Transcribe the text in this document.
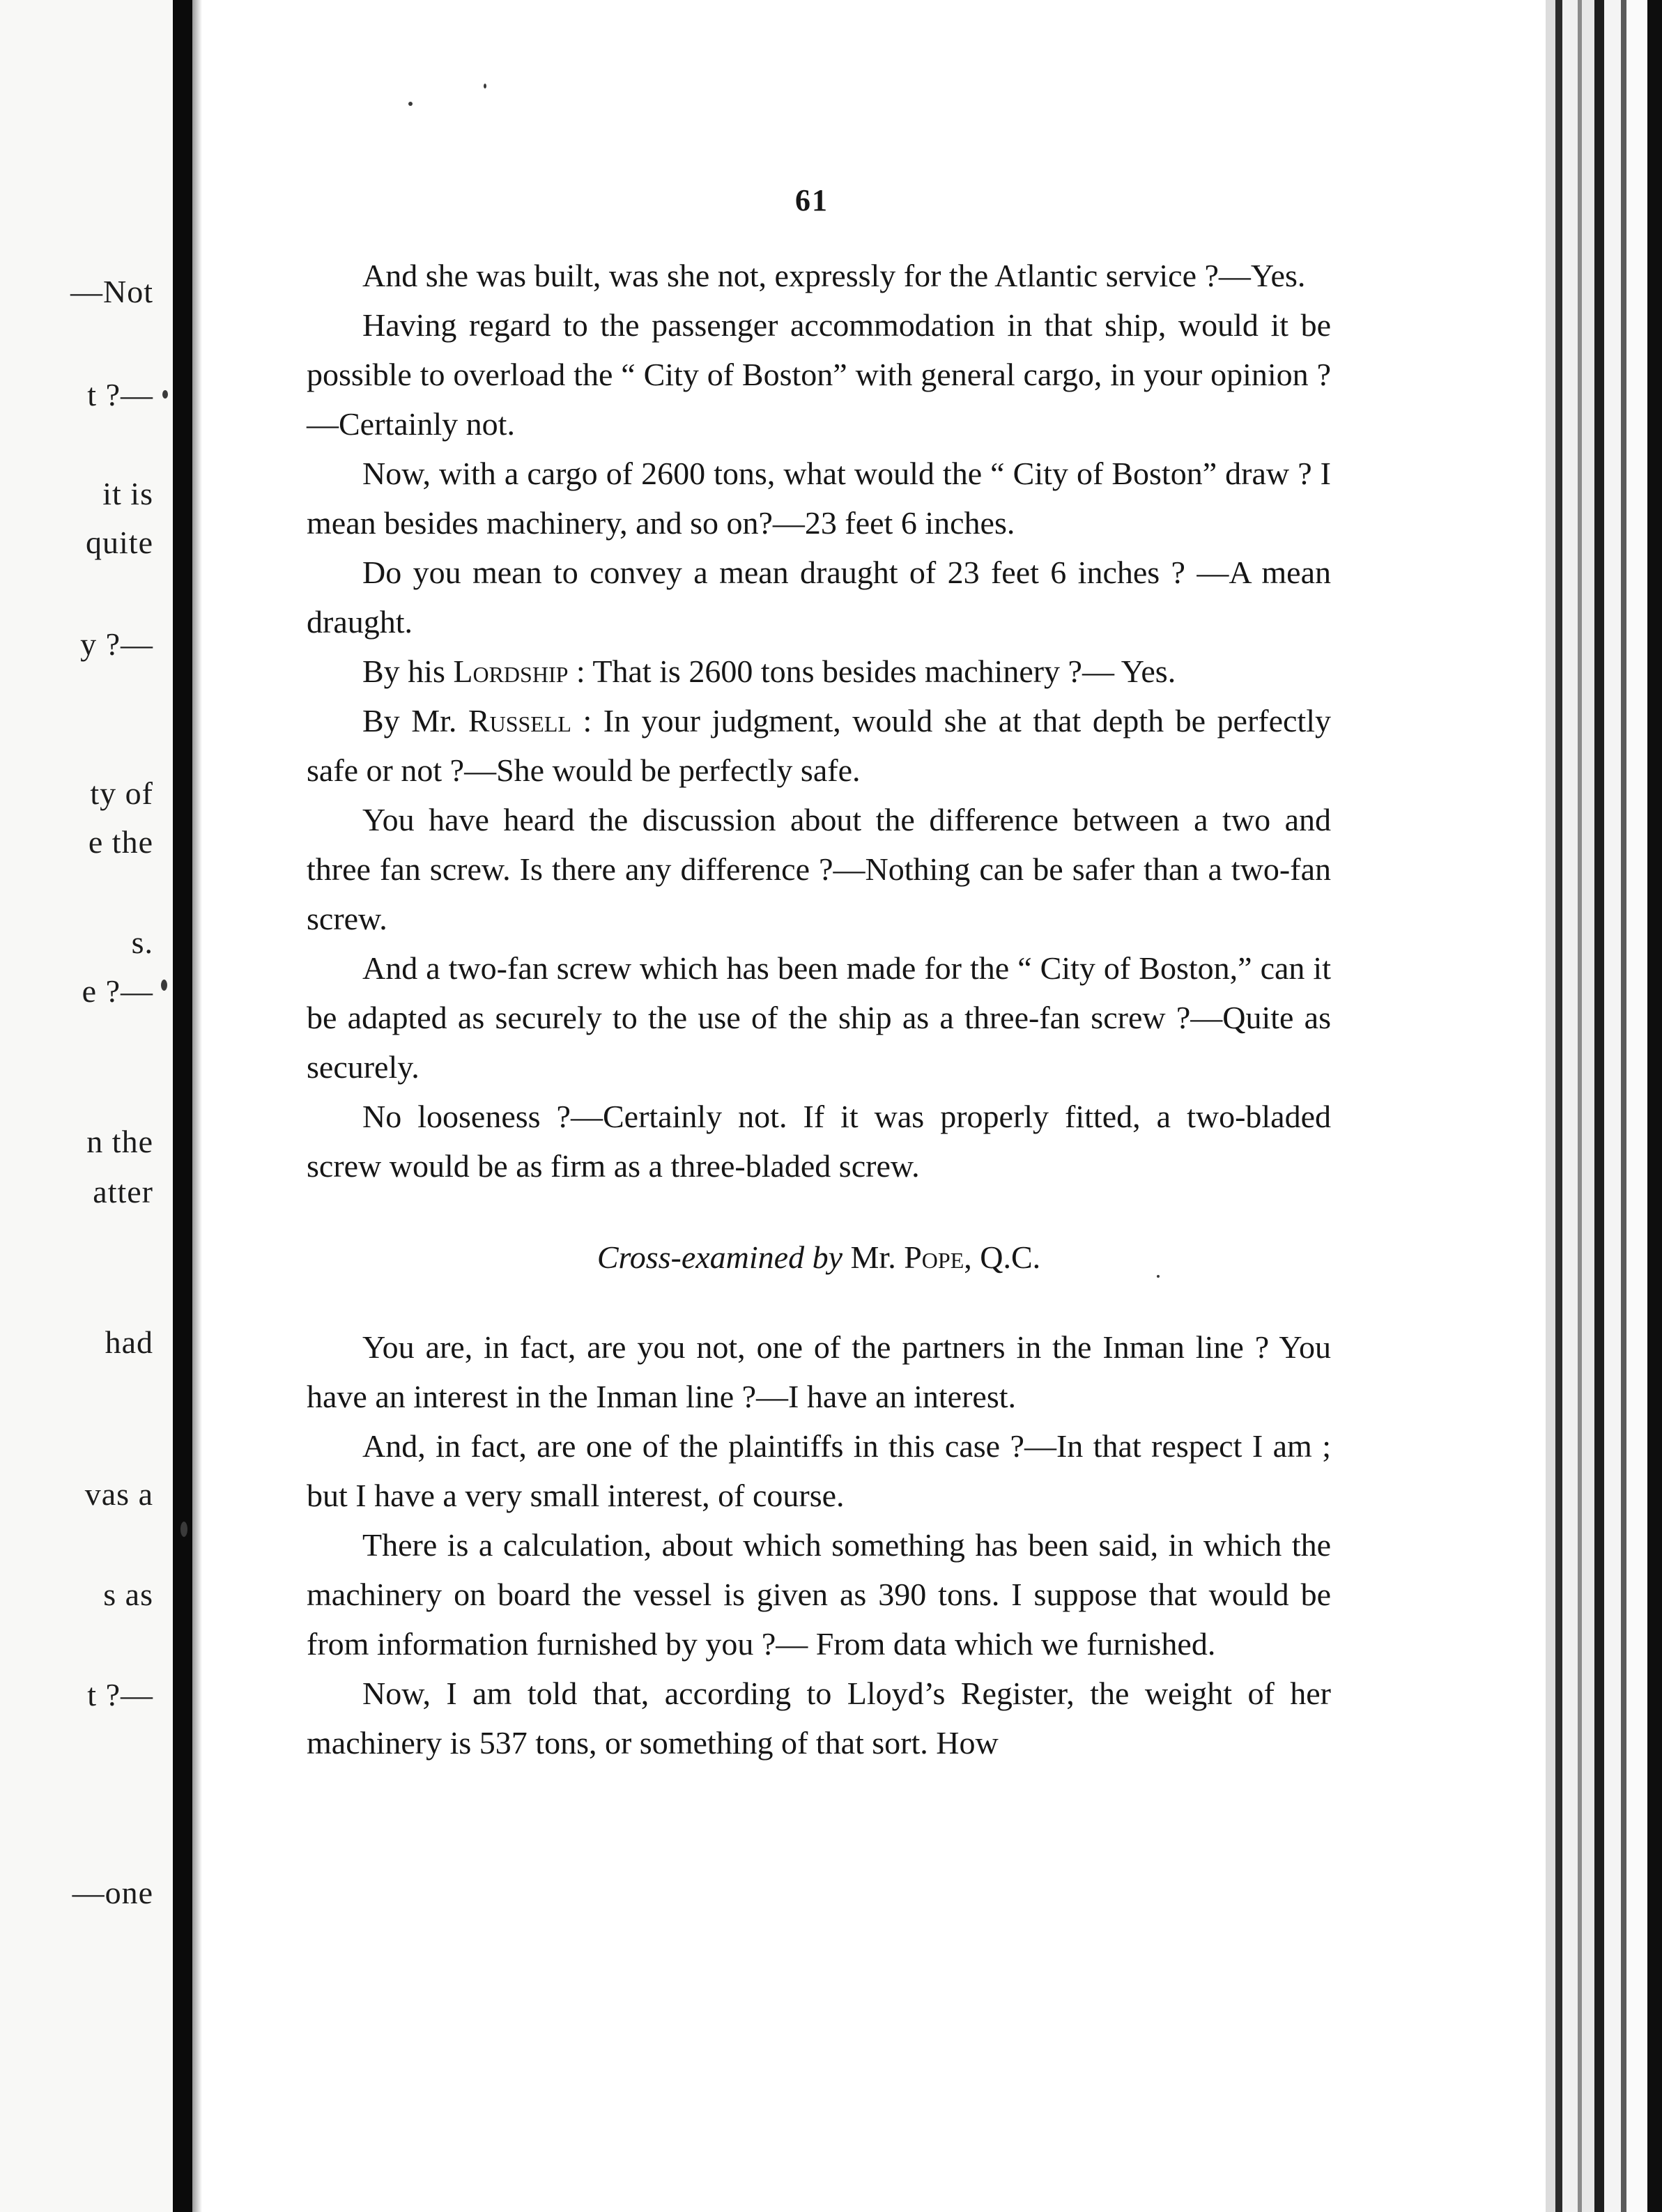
—Not
t ?—
it is
quite
y ?—
ty of
e the
s.
e ?—
n the
atter
had
vas a
s as
t ?—
—one
61

And she was built, was she not, expressly for the Atlantic service ?—Yes.

Having regard to the passenger accommodation in that ship, would it be possible to overload the “ City of Boston” with general cargo, in your opinion ?—Certainly not.

Now, with a cargo of 2600 tons, what would the “ City of Boston” draw ? I mean besides machinery, and so on?—23 feet 6 inches.

Do you mean to convey a mean draught of 23 feet 6 inches ? —A mean draught.

By his Lordship : That is 2600 tons besides machinery ?— Yes.

By Mr. Russell : In your judgment, would she at that depth be perfectly safe or not ?—She would be perfectly safe.

You have heard the discussion about the difference between a two and three fan screw. Is there any difference ?—Nothing can be safer than a two-fan screw.

And a two-fan screw which has been made for the “ City of Boston,” can it be adapted as securely to the use of the ship as a three-fan screw ?—Quite as securely.

No looseness ?—Certainly not. If it was properly fitted, a two-bladed screw would be as firm as a three-bladed screw.

Cross-examined by Mr. Pope, Q.C.

You are, in fact, are you not, one of the partners in the Inman line ? You have an interest in the Inman line ?—I have an interest.

And, in fact, are one of the plaintiffs in this case ?—In that respect I am ; but I have a very small interest, of course.

There is a calculation, about which something has been said, in which the machinery on board the vessel is given as 390 tons. I suppose that would be from information furnished by you ?— From data which we furnished.

Now, I am told that, according to Lloyd’s Register, the weight of her machinery is 537 tons, or something of that sort. How
